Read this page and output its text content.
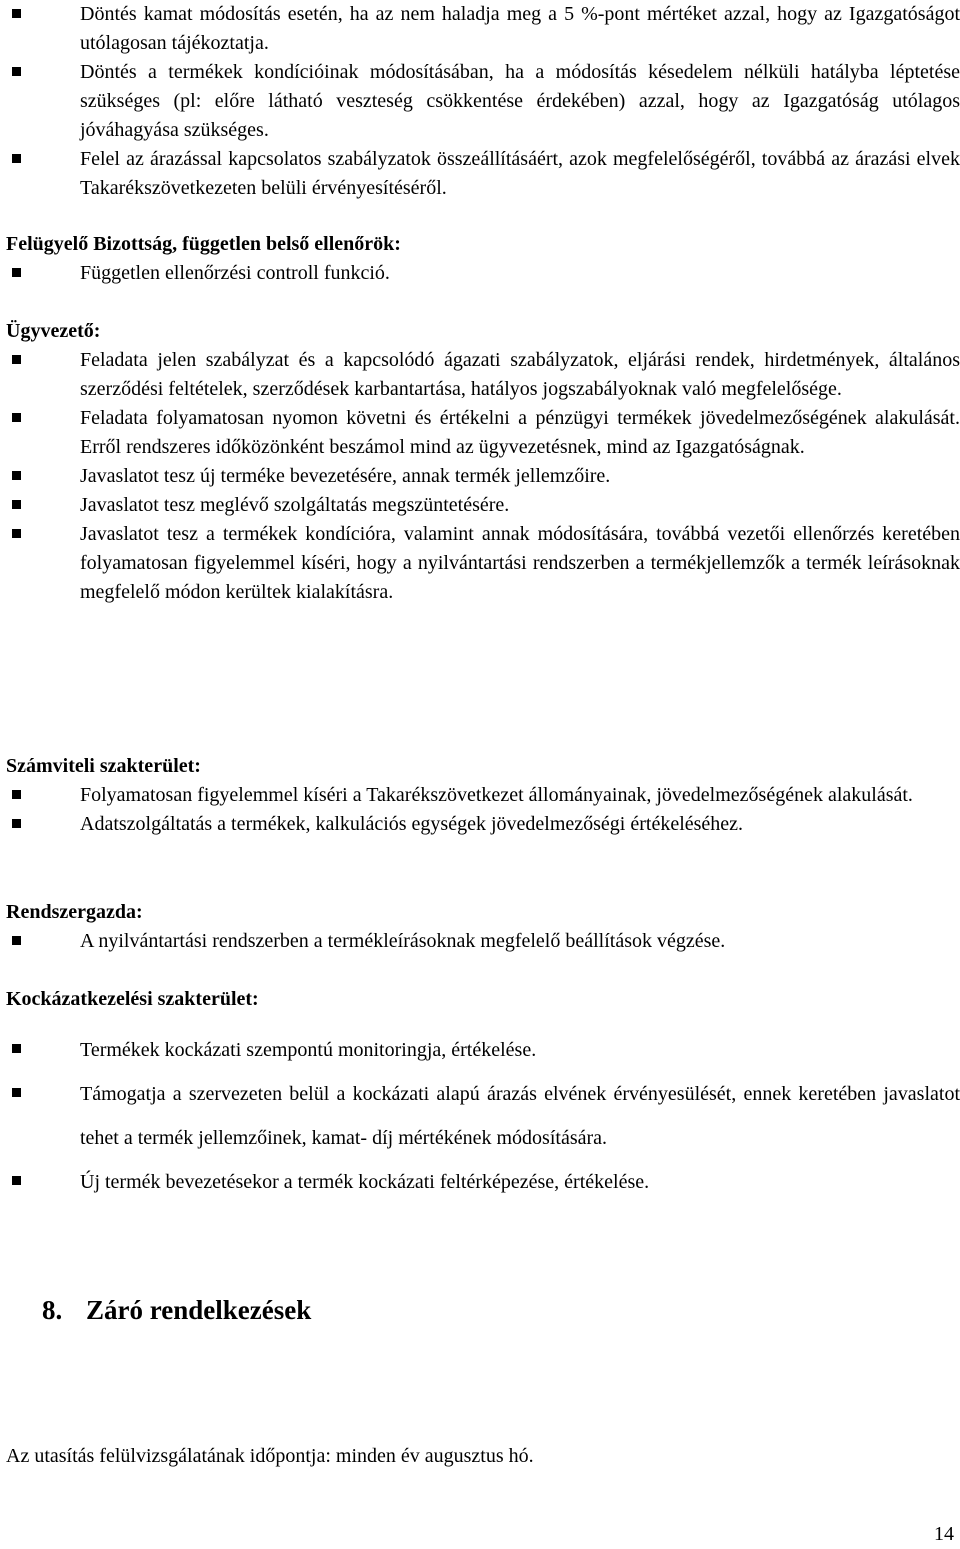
Döntés kamat módosítás esetén, ha az nem haladja meg a 5 %-pont mértéket azzal, hogy az Igazgatóságot utólagosan tájékoztatja.
Döntés a termékek kondícióinak módosításában, ha a módosítás késedelem nélküli hatályba léptetése szükséges (pl: előre látható veszteség csökkentése érdekében) azzal, hogy az Igazgatóság utólagos jóváhagyása szükséges.
Felel az árazással kapcsolatos szabályzatok összeállításáért, azok megfelelőségéről, továbbá az árazási elvek Takarékszövetkezeten belüli érvényesítéséről.

Felügyelő Bizottság, független belső ellenőrök:

Független ellenőrzési controll funkció.

Ügyvezető:

Feladata jelen szabályzat és a kapcsolódó ágazati szabályzatok, eljárási rendek, hirdetmények, általános szerződési feltételek, szerződések karbantartása, hatályos jogszabályoknak való megfelelősége.
Feladata folyamatosan nyomon követni és értékelni a pénzügyi termékek jövedelmezőségének alakulását. Erről rendszeres időközönként beszámol mind az ügyvezetésnek, mind az Igazgatóságnak.
Javaslatot tesz új terméke bevezetésére, annak termék jellemzőire.
Javaslatot tesz meglévő szolgáltatás megszüntetésére.
Javaslatot tesz a termékek kondícióra, valamint annak módosítására, továbbá vezetői ellenőrzés keretében folyamatosan figyelemmel kíséri, hogy a nyilvántartási rendszerben a termékjellemzők a termék leírásoknak megfelelő módon kerültek kialakításra.

Számviteli szakterület:

Folyamatosan figyelemmel kíséri a Takarékszövetkezet állományainak, jövedelmezőségének alakulását.
Adatszolgáltatás a termékek, kalkulációs egységek jövedelmezőségi értékeléséhez.

Rendszergazda:

A nyilvántartási rendszerben a termékleírásoknak megfelelő beállítások végzése.

Kockázatkezelési szakterület:

Termékek kockázati szempontú monitoringja, értékelése.
Támogatja a szervezeten belül a kockázati alapú árazás elvének érvényesülését, ennek keretében javaslatot tehet a termék jellemzőinek, kamat- díj mértékének módosítására.
Új termék bevezetésekor a termék kockázati feltérképezése, értékelése.

8. Záró rendelkezések

Az utasítás felülvizsgálatának időpontja: minden év augusztus hó.

14
